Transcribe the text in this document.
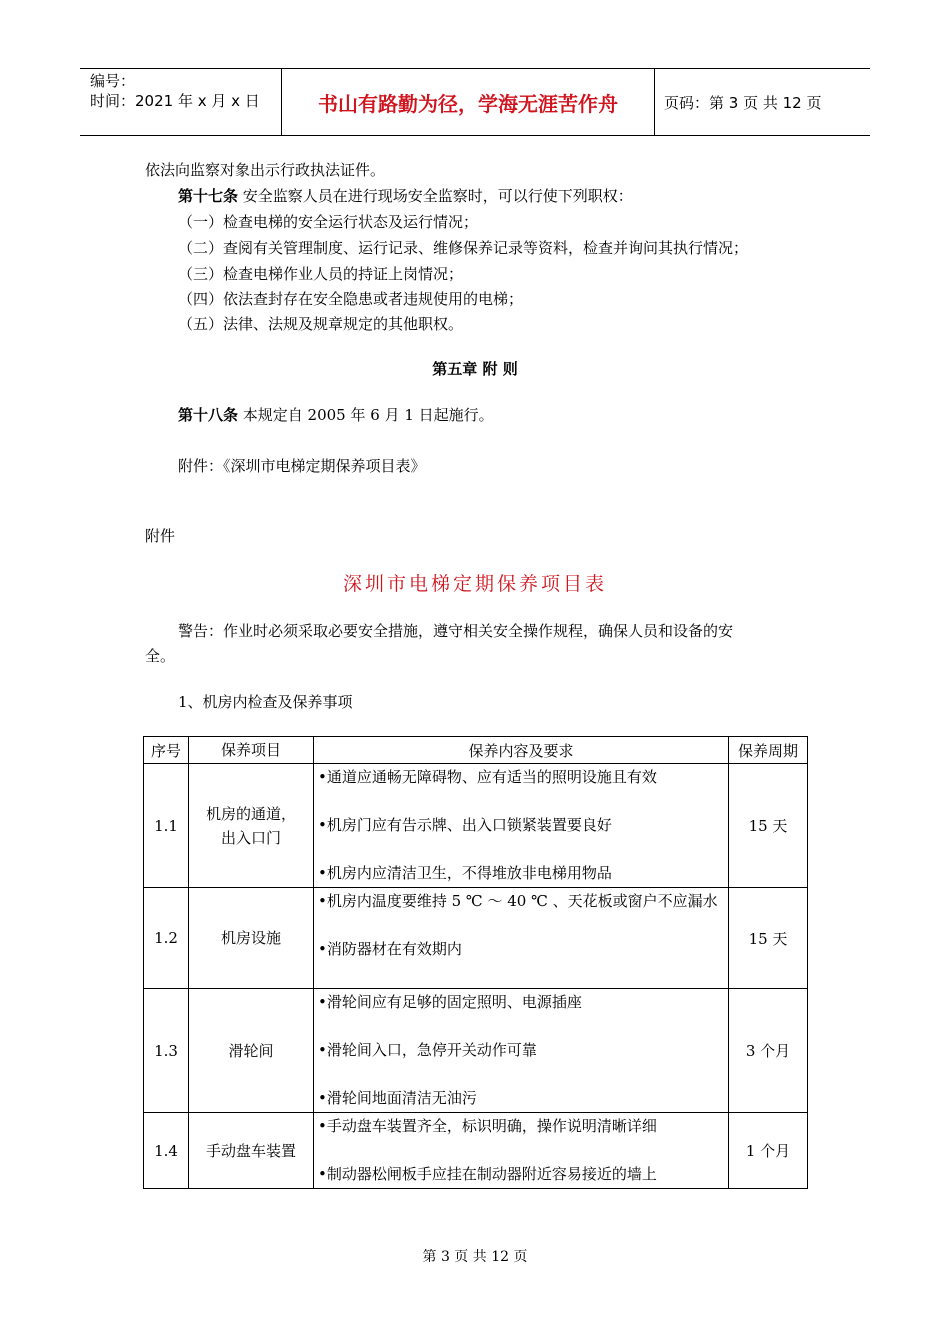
编号：
时间：2021 年 x 月 x 日	书山有路勤为径，学海无涯苦作舟	页码：第 3 页 共 12 页
依法向监察对象出示行政执法证件。
第十七条 安全监察人员在进行现场安全监察时，可以行使下列职权：
（一）检查电梯的安全运行状态及运行情况；
（二）查阅有关管理制度、运行记录、维修保养记录等资料，检查并询问其执行情况；
（三）检查电梯作业人员的持证上岗情况；
（四）依法查封存在安全隐患或者违规使用的电梯；
（五）法律、法规及规章规定的其他职权。
第五章 附 则
第十八条 本规定自 2005 年 6 月 1 日起施行。
附件：《深圳市电梯定期保养项目表》
附件
深圳市电梯定期保养项目表
警告：作业时必须采取必要安全措施，遵守相关安全操作规程，确保人员和设备的安
全。
1、机房内检查及保养事项
序号	保养项目	保养内容及要求	保养周期
1.1	机房的通道，出入口门	•通道应通畅无障碍物、应有适当的照明设施且有效
•机房门应有告示牌、出入口锁紧装置要良好
•机房内应清洁卫生，不得堆放非电梯用物品	15 天
1.2	机房设施	•机房内温度要维持 5 ℃ ～ 40 ℃ 、天花板或窗户不应漏水
•消防器材在有效期内	15 天
1.3	滑轮间	•滑轮间应有足够的固定照明、电源插座
•滑轮间入口，急停开关动作可靠
•滑轮间地面清洁无油污	3 个月
1.4	手动盘车装置	•手动盘车装置齐全，标识明确，操作说明清晰详细
•制动器松闸板手应挂在制动器附近容易接近的墙上	1 个月
第 3 页 共 12 页
